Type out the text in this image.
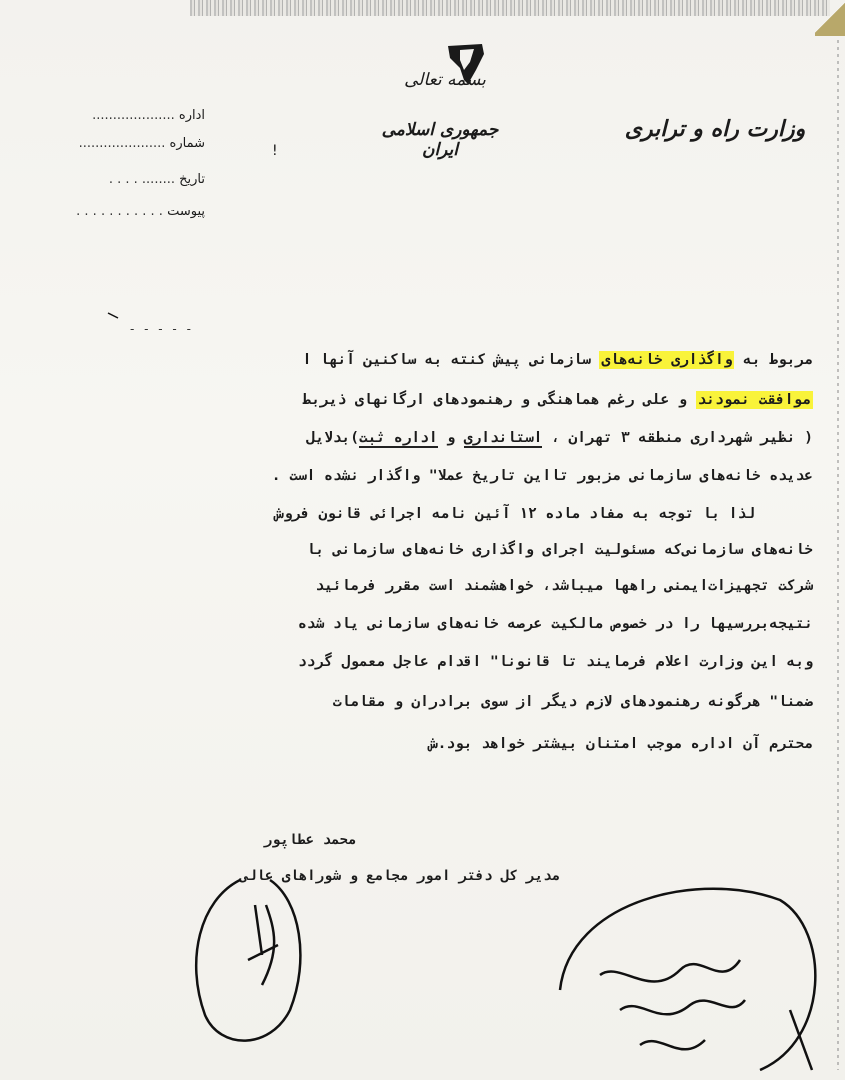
بسمه تعالی
جمهوری اسلامی ایران
وزارت راه و ترابری
!
اداره ....................
شماره .....................
تاریخ ........ . . . .
پیوست . . . . . . . . . . .
- - - - -
مربوط به واگذاری خانه‌های سازمانی پیش کنته به ساکنین آنها ا
موافقت نمودند و علی رغم هماهنگی و رهنمودهای ارگانهای ذیربط
( نظیر شهرداری منطقه ۳ تهران ، استانداری و اداره ثبت)بدلایل
عدیده خانه‌های سازمانی مزبور تااین تاریخ عملا" واگذار نشده است .
لذا با توجه به مفاد ماده ۱۲ آئین نامه اجرائی قانون فروش
خانه‌های سازمانی‌که مسئولیت اجرای واگذاری خانه‌های سازمانی با
شرکت تجهیزات‌ایمنی راهها میباشد، خواهشمند است مقرر فرمائید
نتیجه‌بررسیها را در خصوص مالکیت عرصه خانه‌های سازمانی یاد شده
وبه این وزارت اعلام فرمایند تا قانونا" اقدام عاجل معمول گردد
ضمنا" هرگونه رهنمودهای لازم دیگر از سوی برادران و مقامات
محترم آن اداره موجب امتنان بیشتر خواهد بود.ش
محمد عطاپور
مدیر کل دفتر امور مجامع و شوراهای عالی
